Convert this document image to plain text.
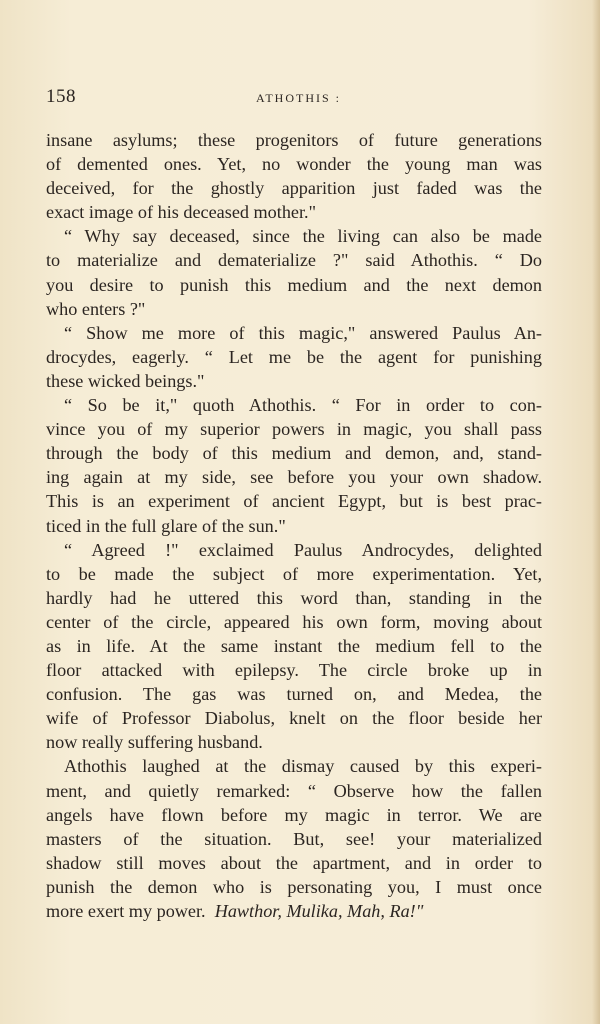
158	ATHOTHIS :
insane asylums; these progenitors of future generations
of demented ones. Yet, no wonder the young man was
deceived, for the ghostly apparition just faded was the
exact image of his deceased mother."
“ Why say deceased, since the living can also be made
to materialize and dematerialize ?" said Athothis. “ Do
you desire to punish this medium and the next demon
who enters ?"
“ Show me more of this magic," answered Paulus An-
drocydes, eagerly. “ Let me be the agent for punishing
these wicked beings."
“ So be it," quoth Athothis. “ For in order to con-
vince you of my superior powers in magic, you shall pass
through the body of this medium and demon, and, stand-
ing again at my side, see before you your own shadow.
This is an experiment of ancient Egypt, but is best prac-
ticed in the full glare of the sun."
“ Agreed !" exclaimed Paulus Androcydes, delighted
to be made the subject of more experimentation. Yet,
hardly had he uttered this word than, standing in the
center of the circle, appeared his own form, moving about
as in life. At the same instant the medium fell to the
floor attacked with epilepsy. The circle broke up in
confusion. The gas was turned on, and Medea, the
wife of Professor Diabolus, knelt on the floor beside her
now really suffering husband.
Athothis laughed at the dismay caused by this experi-
ment, and quietly remarked: “ Observe how the fallen
angels have flown before my magic in terror. We are
masters of the situation. But, see! your materialized
shadow still moves about the apartment, and in order to
punish the demon who is personating you, I must once
more exert my power.  Hawthor, Mulika, Mah, Ra!"
